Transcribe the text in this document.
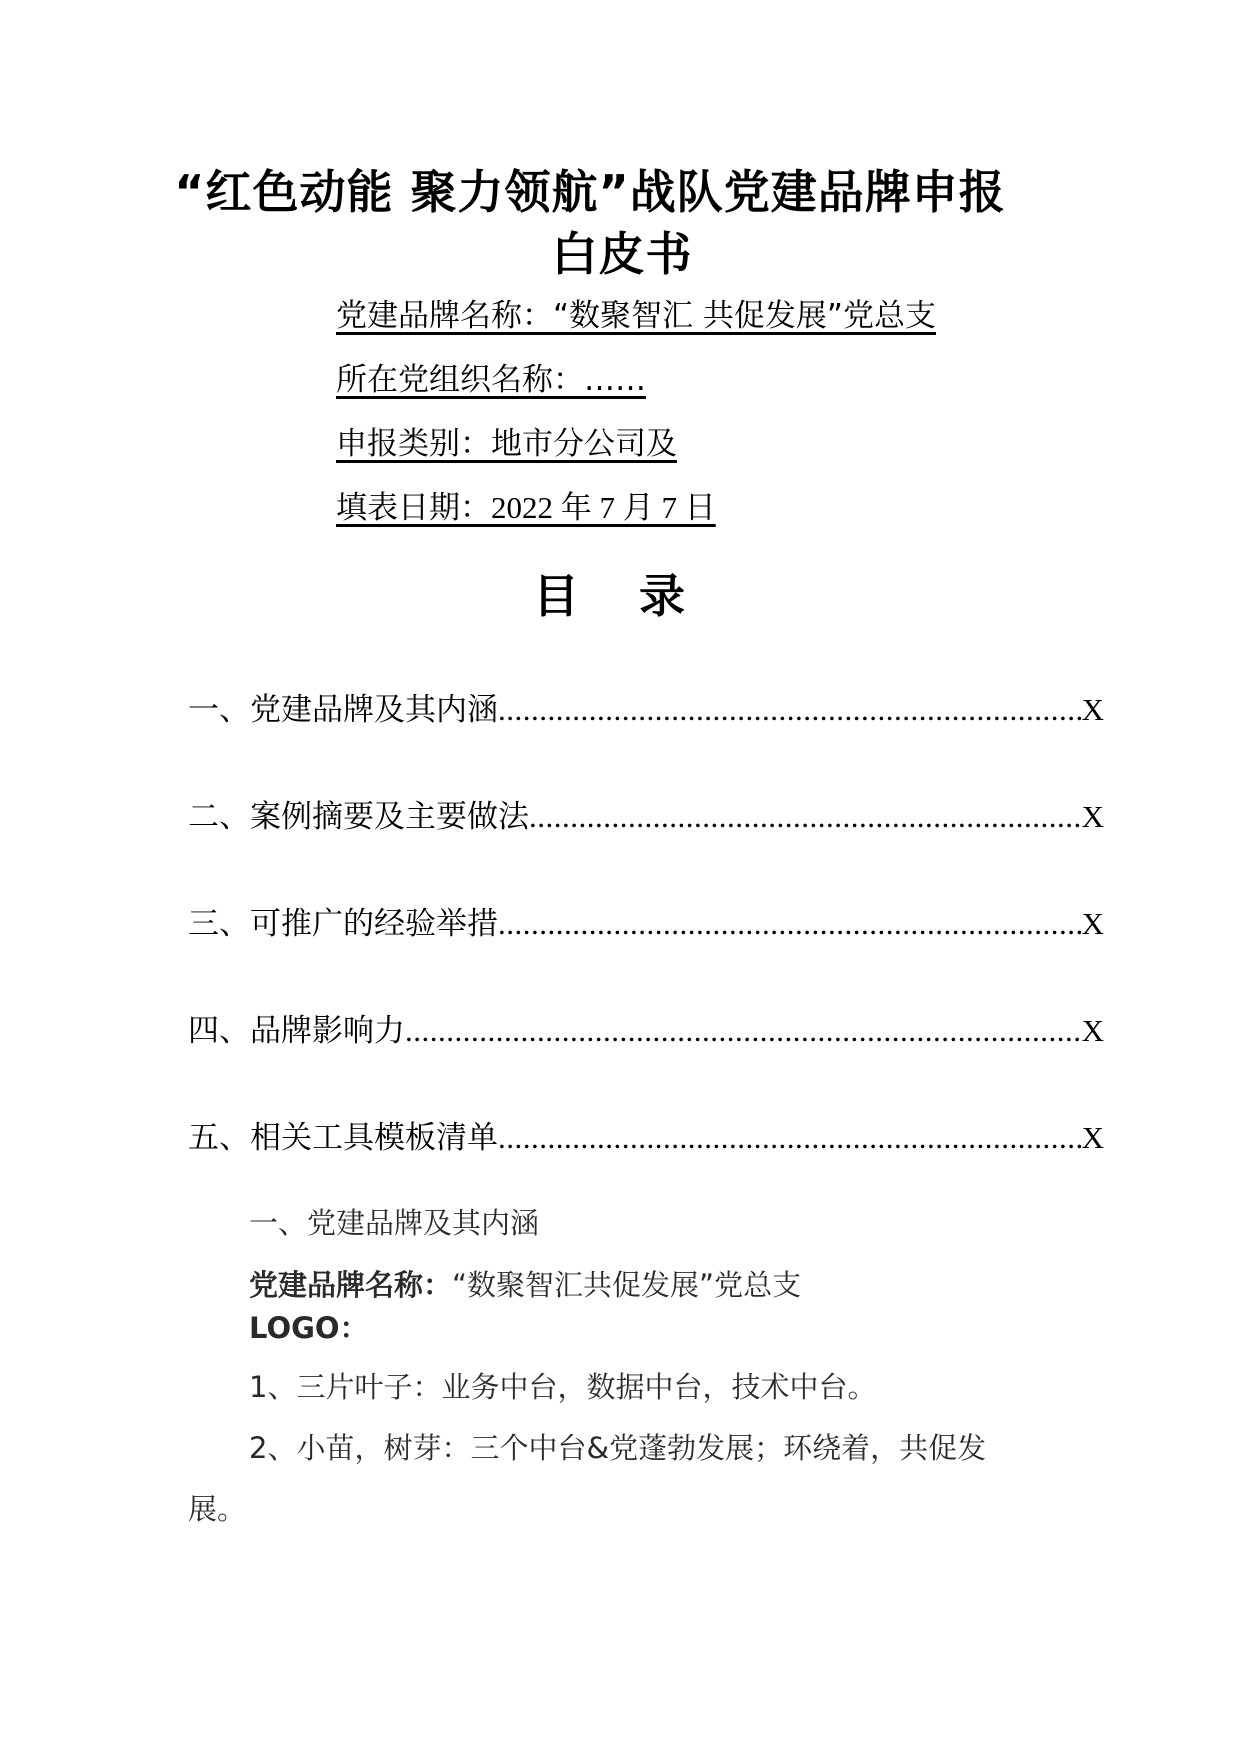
“红色动能 聚力领航”战队党建品牌申报
白皮书
党建品牌名称：“数聚智汇 共促发展”党总支
所在党组织名称：……
申报类别：地市分公司及
填表日期：2022 年 7 月 7 日
目 录
一、党建品牌及其内涵 .....	X
二、案例摘要及主要做法 .....	X
三、可推广的经验举措 .....	X
四、品牌影响力 .....	X
五、相关工具模板清单 .....	X
一、党建品牌及其内涵
党建品牌名称：“数聚智汇共促发展”党总支
LOGO：
1、三片叶子：业务中台，数据中台，技术中台。
2、小苗，树芽：三个中台&党蓬勃发展；环绕着，共促发
展。
